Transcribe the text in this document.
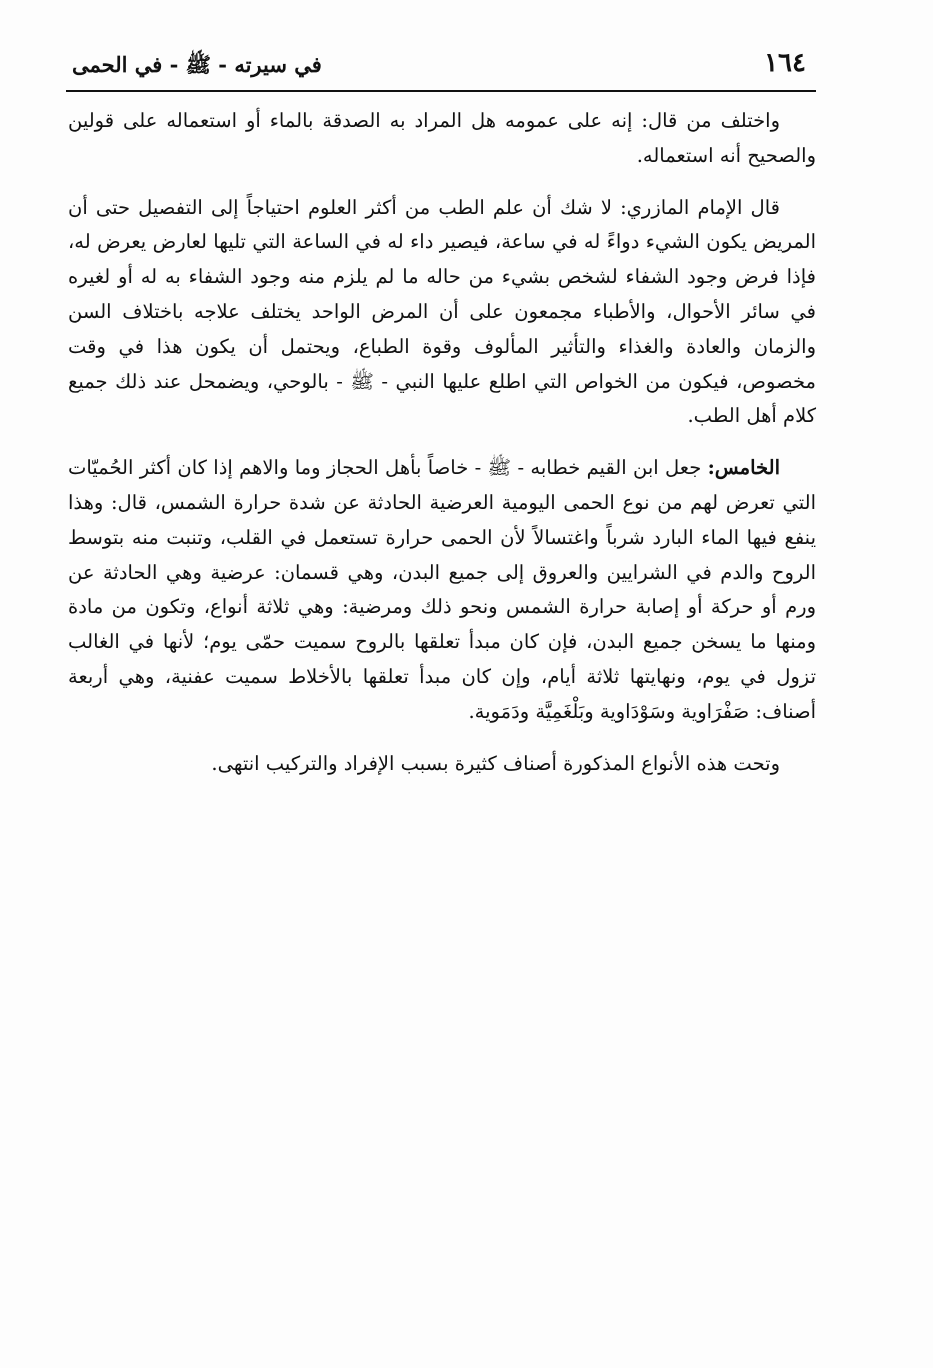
١٦٤
في سيرته - ﷺ - في الحمى

واختلف من قال: إنه على عمومه هل المراد به الصدقة بالماء أو استعماله على قولين والصحيح أنه استعماله.

قال الإمام المازري: لا شك أن علم الطب من أكثر العلوم احتياجاً إلى التفصيل حتى أن المريض يكون الشيء دواءً له في ساعة، فيصير داء له في الساعة التي تليها لعارض يعرض له، فإذا فرض وجود الشفاء لشخص بشيء من حاله ما لم يلزم منه وجود الشفاء به له أو لغيره في سائر الأحوال، والأطباء مجمعون على أن المرض الواحد يختلف علاجه باختلاف السن والزمان والعادة والغذاء والتأثير المألوف وقوة الطباع، ويحتمل أن يكون هذا في وقت مخصوص، فيكون من الخواص التي اطلع عليها النبي - ﷺ - بالوحي، ويضمحل عند ذلك جميع كلام أهل الطب.

الخامس: جعل ابن القيم خطابه - ﷺ - خاصاً بأهل الحجاز وما والاهم إذا كان أكثر الحُميّات التي تعرض لهم من نوع الحمى اليومية العرضية الحادثة عن شدة حرارة الشمس، قال: وهذا ينفع فيها الماء البارد شرباً واغتسالاً لأن الحمى حرارة تستعمل في القلب، وتنبت منه بتوسط الروح والدم في الشرايين والعروق إلى جميع البدن، وهي قسمان: عرضية وهي الحادثة عن ورم أو حركة أو إصابة حرارة الشمس ونحو ذلك ومرضية: وهي ثلاثة أنواع، وتكون من مادة ومنها ما يسخن جميع البدن، فإن كان مبدأ تعلقها بالروح سميت حمّى يوم؛ لأنها في الغالب تزول في يوم، ونهايتها ثلاثة أيام، وإن كان مبدأ تعلقها بالأخلاط سميت عفنية، وهي أربعة أصناف: صَفْرَاوية وسَوْدَاوية وبَلْغَمِيَّة ودَمَوية.

وتحت هذه الأنواع المذكورة أصناف كثيرة بسبب الإفراد والتركيب انتهى.
